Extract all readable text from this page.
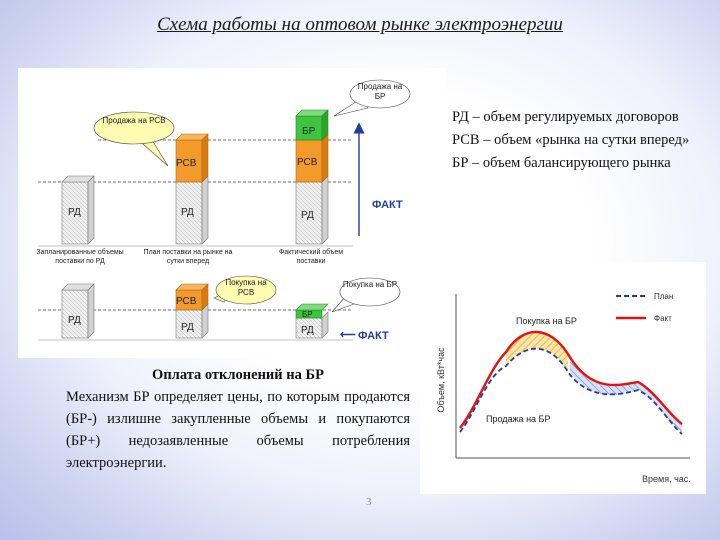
Схема работы на оптовом рынке электроэнергии
РД	РД
РСВ
РД
РСВ
БР
Продажа на РСВ
Продажа на БР
ФАКТ
Запланированные объемы поставки по РД
План поставки на рынке на сутки вперед
Фактический объем поставки
РД
РД
РСВ
РД
БР
Покупка на РСВ
Покупка на БР
⟵ ФАКТ
РД – объем регулируемых договоров
РСВ – объем «рынка на сутки вперед»
БР – объем балансирующего рынка
Оплата отклонений на БР
Механизм БР определяет цены, по которым продаются (БР-) излишне закупленные объемы и покупаются (БР+) недозаявленные объемы потребления электроэнергии.
Объем, кВт*час
Время, час.
Покупка на БР
Продажа на БР
План
Факт
3
